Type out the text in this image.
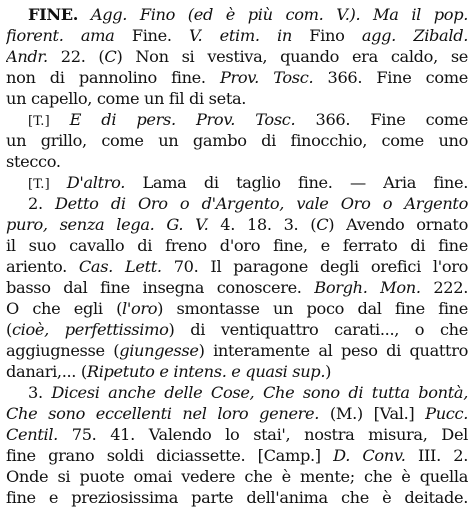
FINE. Agg. Fino (ed è più com. V.). Ma il pop.
fiorent. ama Fine. V. etim. in Fino agg. Zibald.
Andr. 22. (C) Non si vestiva, quando era caldo, se
non di pannolino fine. Prov. Tosc. 366. Fine come
un capello, come un fil di seta.
[T.] E di pers. Prov. Tosc. 366. Fine come
un grillo, come un gambo di finocchio, come uno
stecco.
[T.] D'altro. Lama di taglio fine. — Aria fine.
2. Detto di Oro o d'Argento, vale Oro o Argento
puro, senza lega. G. V. 4. 18. 3. (C) Avendo ornato
il suo cavallo di freno d'oro fine, e ferrato di fine
ariento. Cas. Lett. 70. Il paragone degli orefici l'oro
basso dal fine insegna conoscere. Borgh. Mon. 222.
O che egli (l'oro) smontasse un poco dal fine fine
(cioè, perfettissimo) di ventiquattro carati..., o che
aggiugnesse (giungesse) interamente al peso di quattro
danari,... (Ripetuto e intens. e quasi sup.)
3. Dicesi anche delle Cose, Che sono di tutta bontà,
Che sono eccellenti nel loro genere. (M.) [Val.] Pucc.
Centil. 75. 41. Valendo lo stai', nostra misura, Del
fine grano soldi diciassette. [Camp.] D. Conv. III. 2.
Onde si puote omai vedere che è mente; che è quella
fine e preziosissima parte dell'anima che è deitade.
